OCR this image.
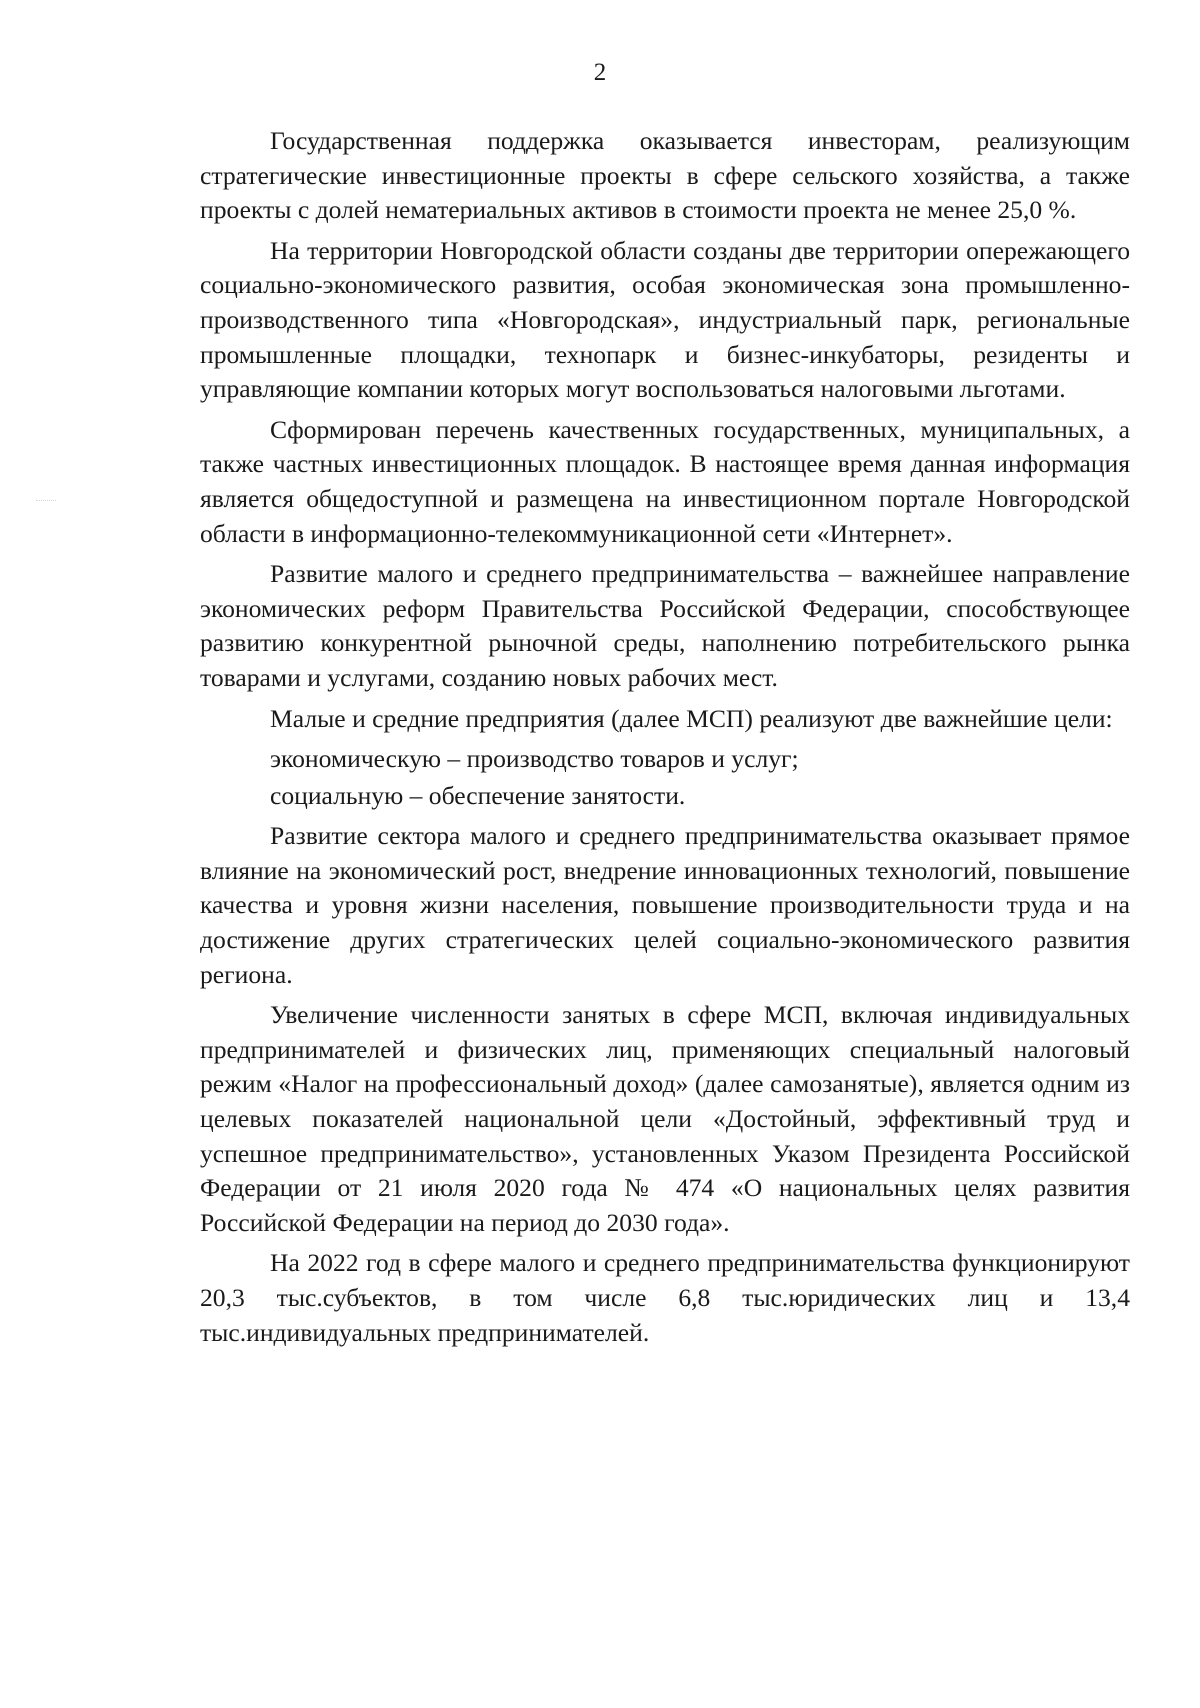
2

Государственная поддержка оказывается инвесторам, реализующим стратегические инвестиционные проекты в сфере сельского хозяйства, а также проекты с долей нематериальных активов в стоимости проекта не менее 25,0 %.

На территории Новгородской области созданы две территории опережающего социально-экономического развития, особая экономическая зона промышленно-производственного типа «Новгородская», индустриальный парк, региональные промышленные площадки, технопарк и бизнес-инкубаторы, резиденты и управляющие компании которых могут воспользоваться налоговыми льготами.

Сформирован перечень качественных государственных, муниципальных, а также частных инвестиционных площадок. В настоящее время данная информация является общедоступной и размещена на инвестиционном портале Новгородской области в информационно-телекоммуникационной сети «Интернет».

Развитие малого и среднего предпринимательства – важнейшее направление экономических реформ Правительства Российской Федерации, способствующее развитию конкурентной рыночной среды, наполнению потребительского рынка товарами и услугами, созданию новых рабочих мест.

Малые и средние предприятия (далее МСП) реализуют две важнейшие цели:

экономическую – производство товаров и услуг;

социальную – обеспечение занятости.

Развитие сектора малого и среднего предпринимательства оказывает прямое влияние на экономический рост, внедрение инновационных технологий, повышение качества и уровня жизни населения, повышение производительности труда и на достижение других стратегических целей социально-экономического развития региона.

Увеличение численности занятых в сфере МСП, включая индивидуальных предпринимателей и физических лиц, применяющих специальный налоговый режим «Налог на профессиональный доход» (далее самозанятые), является одним из целевых показателей национальной цели «Достойный, эффективный труд и успешное предпринимательство», установленных Указом Президента Российской Федерации от 21 июля 2020 года № 474 «О национальных целях развития Российской Федерации на период до 2030 года».

На 2022 год в сфере малого и среднего предпринимательства функционируют 20,3 тыс.субъектов, в том числе 6,8 тыс.юридических лиц и 13,4 тыс.индивидуальных предпринимателей.
